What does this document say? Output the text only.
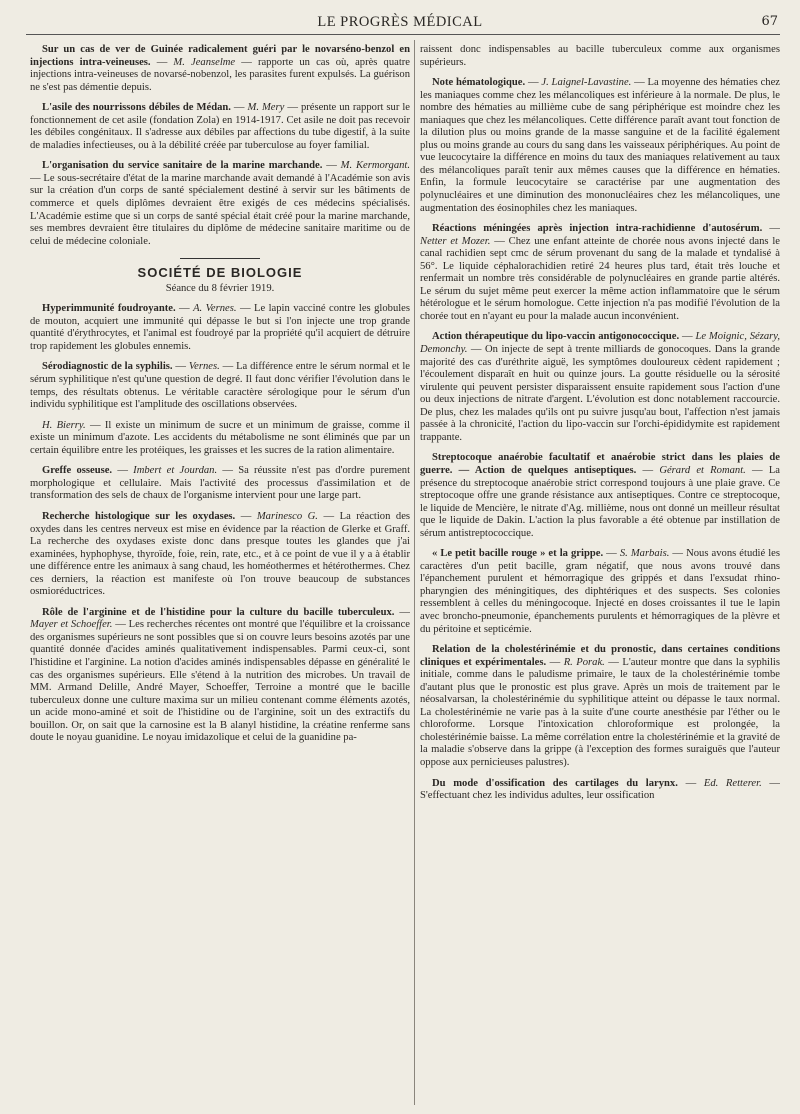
LE PROGRÈS MÉDICAL	67

Sur un cas de ver de Guinée radicalement guéri par le novarséno-benzol en injections intra-veineuses. — M. Jeanselme — rapporte un cas où, après quatre injections intra-veineuses de novarsé-nobenzol, les parasites furent expulsés. La guérison ne s'est pas démentie depuis.

L'asile des nourrissons débiles de Médan. — M. Mery — présente un rapport sur le fonctionnement de cet asile (fondation Zola) en 1914-1917. Cet asile ne doit pas recevoir les débiles congénitaux. Il s'adresse aux débiles par affections du tube digestif, à la suite de maladies infectieuses, ou à la débilité créée par tuberculose au foyer familial.

L'organisation du service sanitaire de la marine marchande. — M. Kermorgant. — Le sous-secrétaire d'état de la marine marchande avait demandé à l'Académie son avis sur la création d'un corps de santé spécialement destiné à servir sur les bâtiments de commerce et quels diplômes devraient être exigés de ces médecins spécialisés. L'Académie estime que si un corps de santé spécial était créé pour la marine marchande, ses membres devraient être titulaires du diplôme de médecine sanitaire maritime ou de celui de médecine coloniale.

SOCIÉTÉ DE BIOLOGIE
Séance du 8 février 1919.

Hyperimmunité foudroyante. — A. Vernes. — Le lapin vacciné contre les globules de mouton, acquiert une immunité qui dépasse le but si l'on injecte une trop grande quantité d'érythrocytes, et l'animal est foudroyé par la propriété qu'il acquiert de détruire trop rapidement les globules ennemis.

Sérodiagnostic de la syphilis. — Vernes. — La différence entre le sérum normal et le sérum syphilitique n'est qu'une question de degré. Il faut donc vérifier l'évolution dans le temps, des résultats obtenus. Le véritable caractère sérologique pour le sérum d'un individu syphilitique est l'amplitude des oscillations observées.

H. Bierry. — Il existe un minimum de sucre et un minimum de graisse, comme il existe un minimum d'azote. Les accidents du métabolisme ne sont éliminés que par un certain équilibre entre les protéiques, les graisses et les sucres de la ration alimentaire.

Greffe osseuse. — Imbert et Jourdan. — Sa réussite n'est pas d'ordre purement morphologique et cellulaire. Mais l'activité des processus d'assimilation et de transformation des sels de chaux de l'organisme intervient pour une large part.

Recherche histologique sur les oxydases. — Marinesco G. — La réaction des oxydes dans les centres nerveux est mise en évidence par la réaction de Glerke et Graff. La recherche des oxydases existe donc dans presque toutes les glandes que j'ai examinées, hyphophyse, thyroïde, foie, rein, rate, etc., et à ce point de vue il y a à établir une différence entre les animaux à sang chaud, les homéothermes et hétérothermes. Chez ces derniers, la réaction est manifeste où l'on trouve beaucoup de substances osmioréductrices.

Rôle de l'arginine et de l'histidine pour la culture du bacille tuberculeux. — Mayer et Schoeffer. — Les recherches récentes ont montré que l'équilibre et la croissance des organismes supérieurs ne sont possibles que si on couvre leurs besoins azotés par une quantité donnée d'acides aminés qualitativement indispensables. Parmi ceux-ci, sont l'histidine et l'arginine. La notion d'acides aminés indispensables dépasse en généralité le cas des organismes supérieurs. Elle s'étend à la nutrition des microbes. Un travail de MM. Armand Delille, André Mayer, Schoeffer, Terroine a montré que le bacille tuberculeux donne une culture maxima sur un milieu contenant comme éléments azotés, un acide mono-aminé et soit de l'histidine ou de l'arginine, soit un des extractifs du bouillon. Or, on sait que la carnosine est la B alanyl histidine, la créatine renferme sans doute le noyau guanidine. Le noyau imidazolique et celui de la guanidine pa-

raissent donc indispensables au bacille tuberculeux comme aux organismes supérieurs.

Note hématologique. — J. Laignel-Lavastine. — La moyenne des hématies chez les maniaques comme chez les mélancoliques est inférieure à la normale. De plus, le nombre des hématies au millième cube de sang périphérique est moindre chez les maniaques que chez les mélancoliques. Cette différence paraît avant tout fonction de la dilution plus ou moins grande de la masse sanguine et de la facilité également plus ou moins grande au cours du sang dans les vaisseaux périphériques. Au point de vue leucocytaire la différence en moins du taux des maniaques relativement au taux des mélancoliques paraît tenir aux mêmes causes que la différence en hématies. Enfin, la formule leucocytaire se caractérise par une augmentation des polynucléaires et une diminution des mononucléaires chez les mélancoliques, une augmentation des éosinophiles chez les maniaques.

Réactions méningées après injection intra-rachidienne d'autosérum. — Netter et Mozer. — Chez une enfant atteinte de chorée nous avons injecté dans le canal rachidien sept cmc de sérum provenant du sang de la malade et tyndalisé à 56°. Le liquide céphalorachidien retiré 24 heures plus tard, était très louche et renfermait un nombre très considérable de polynucléaires en grande partie altérés. Le sérum du sujet même peut exercer la même action inflammatoire que le sérum hétérologue et le sérum homologue. Cette injection n'a pas modifié l'évolution de la chorée tout en n'ayant eu pour la malade aucun inconvénient.

Action thérapeutique du lipo-vaccin antigonococcique. — Le Moignic, Sézary, Demonchy. — On injecte de sept à trente milliards de gonocoques. Dans la grande majorité des cas d'uréthrite aiguë, les symptômes douloureux cèdent rapidement ; l'écoulement disparaît en huit ou quinze jours. La goutte résiduelle ou la sérosité virulente qui peuvent persister disparaissent ensuite rapidement sous l'action d'une ou deux injections de nitrate d'argent. L'évolution est donc notablement raccourcie. De plus, chez les malades qu'ils ont pu suivre jusqu'au bout, l'affection n'est jamais passée à la chronicité, l'action du lipo-vaccin sur l'orchi-épididymite est rapidement trappante.

Streptocoque anaérobie facultatif et anaérobie strict dans les plaies de guerre. — Action de quelques antiseptiques. — Gérard et Romant. — La présence du streptocoque anaérobie strict correspond toujours à une plaie grave. Ce streptocoque offre une grande résistance aux antiseptiques. Contre ce streptocoque, le liquide de Mencière, le nitrate d'Ag. millième, nous ont donné un meilleur résultat que le liquide de Dakin. L'action la plus favorable a été obtenue par instillation de sérum antistreptococcique.

« Le petit bacille rouge » et la grippe. — S. Marbais. — Nous avons étudié les caractères d'un petit bacille, gram négatif, que nous avons trouvé dans l'épanchement purulent et hémorragique des grippés et dans l'exsudat rhino-pharyngien des méningitiques, des diphtériques et des suspects. Ses colonies ressemblent à celles du méningocoque. Injecté en doses croissantes il tue le lapin avec broncho-pneumonie, épanchements purulents et hémorragiques de la plèvre et du péritoine et septicémie.

Relation de la cholestérinémie et du pronostic, dans certaines conditions cliniques et expérimentales. — R. Porak. — L'auteur montre que dans la syphilis initiale, comme dans le paludisme primaire, le taux de la cholestérinémie tombe d'autant plus que le pronostic est plus grave. Après un mois de traitement par le néosalvarsan, la cholestérinémie du syphilitique atteint ou dépasse le taux normal. La cholestérinémie ne varie pas à la suite d'une courte anesthésie par l'éther ou le chloroforme. Lorsque l'intoxication chloroformique est prolongée, la cholestérinémie baisse. La même corrélation entre la cholestérinémie et la gravité de la maladie s'observe dans la grippe (à l'exception des formes suraiguës que l'auteur oppose aux pernicieuses palustres).

Du mode d'ossification des cartilages du larynx. — Ed. Retterer. — S'effectuant chez les individus adultes, leur ossification
